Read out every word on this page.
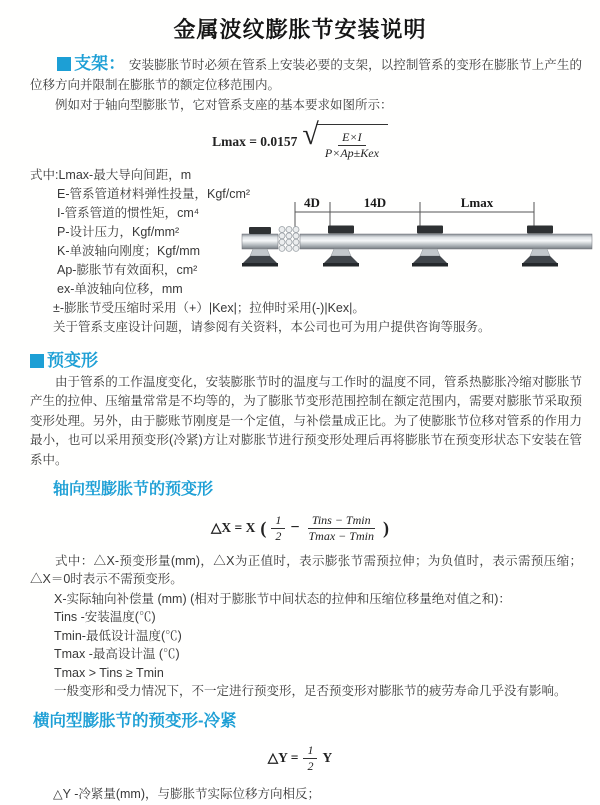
金属波纹膨胀节安装说明

支架： 安装膨胀节时必须在管系上安装必要的支架，以控制管系的变形在膨胀节上产生的位移方向并限制在膨胀节的额定位移范围内。

例如对于轴向型膨胀节，它对管系支座的基本要求如图所示：

Lmax = 0.0157 √ $\frac{E\times I}{\text{P×Ap±Kex}}$
式中:Lmax-最大导向间距，m
E-管系管道材料弹性投量，Kgf/cm²
I-管系管道的惯性矩，cm⁴
P-设计压力，Kgf/mm²
K-单波轴向刚度；Kgf/mm
Ap-膨胀节有效面积，cm²
ex-单波轴向位移，mm
±-膨胀节受压缩时采用（+）|Kex|；拉伸时采用(-)|Kex|。
关于管系支座设计问题，请参阅有关资料，本公司也可为用户提供咨询等服务。
4D	14D	Lmax
预变形

由于管系的工作温度变化，安装膨胀节时的温度与工作时的温度不同，管系热膨胀冷缩对膨胀节产生的拉伸、压缩量常常是不均等的，为了膨胀节变形范围控制在额定范围内，需要对膨胀节采取预变形处理。另外，由于膨账节刚度是一个定值，与补偿量成正比。为了使膨胀节位移对管系的作用力最小，也可以采用预变形(冷紧)方让对膨胀节进行预变形处理后再将膨胀节在预变形状态下安装在管系中。

轴向型膨胀节的预变形
△X = X ( $\frac{1}{2} - \frac{\text{Tins − Tmin}}{Tmax - Tmin}$ )

式中：△X-预变形量(mm)，△X为正值时，表示膨张节需预拉伸；为负值时，表示需预压缩；△X＝0时表示不需预变形。

X-实际轴向补偿量 (mm) (相对于膨胀节中间状态的拉伸和压缩位移量绝对值之和)：
Tins -安装温度(℃)
Tmin-最低设计温度(℃)
Tmax -最高设计温 (℃)
Tmax > Tins ≥ Tmin
一般变形和受力情况下，不一定进行预变形，足否预变形对膨胀节的疲劳寿命几乎没有影响。
横向型膨胀节的预变形-冷紧
△Y = $\frac{1}{2}$ Y

△Y -冷紧量(mm)，与膨胀节实际位移方向相反；
